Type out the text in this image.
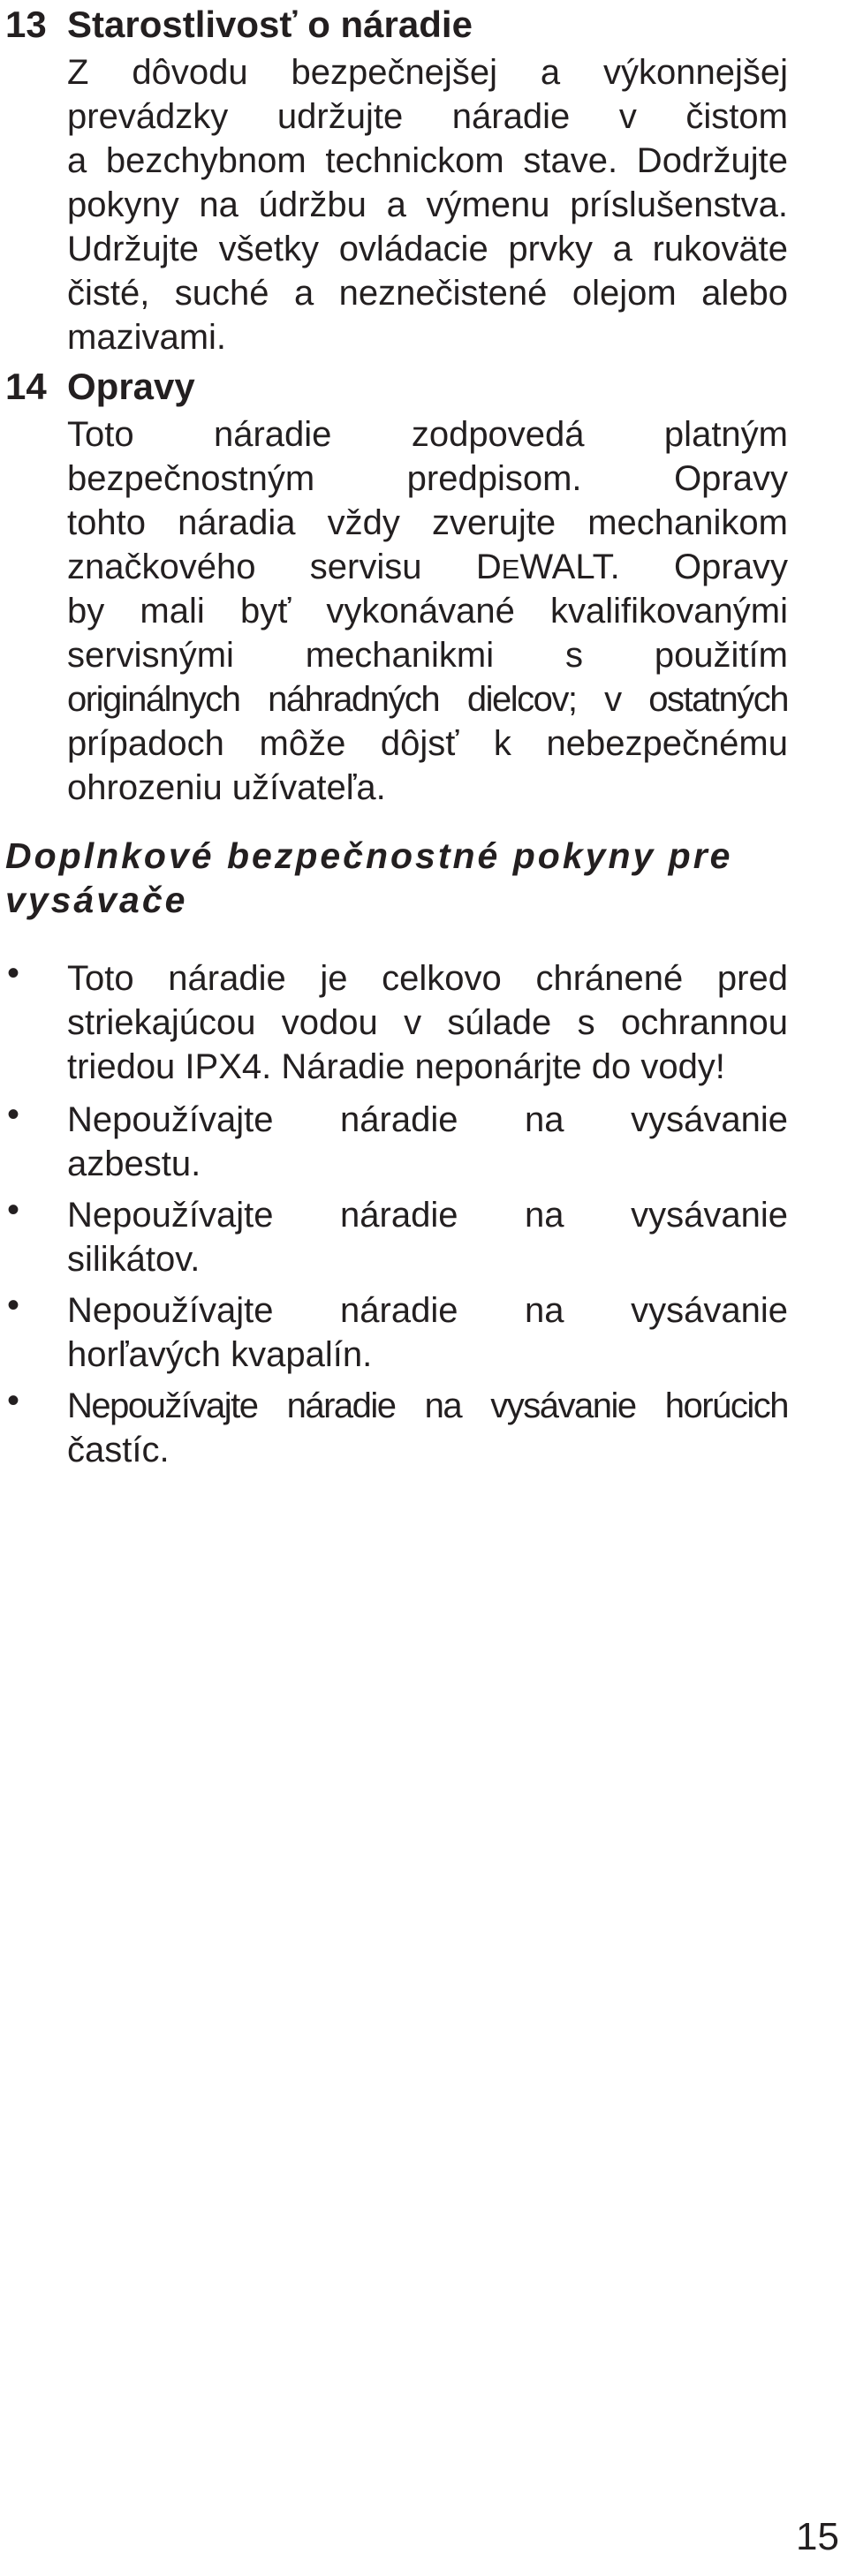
13 Starostlivosť o náradie
Z dôvodu bezpečnejšej a výkonnejšej
prevádzky udržujte náradie v čistom
a bezchybnom technickom stave. Dodržujte
pokyny na údržbu a výmenu príslušenstva.
Udržujte všetky ovládacie prvky a rukoväte
čisté, suché a neznečistené olejom alebo
mazivami.
14 Opravy
Toto náradie zodpovedá platným
bezpečnostným predpisom. Opravy
tohto náradia vždy zverujte mechanikom
značkového servisu DEWALT. Opravy
by mali byť vykonávané kvalifikovanými
servisnými mechanikmi s použitím
originálnych náhradných dielcov; v ostatných
prípadoch môže dôjsť k nebezpečnému
ohrozeniu užívateľa.
Doplnkové bezpečnostné pokyny pre
vysávače
• Toto náradie je celkovo chránené pred
striekajúcou vodou v súlade s ochrannou
triedou IPX4. Náradie neponárjte do vody!
• Nepoužívajte náradie na vysávanie
azbestu.
• Nepoužívajte náradie na vysávanie
silikátov.
• Nepoužívajte náradie na vysávanie
horľavých kvapalín.
• Nepoužívajte náradie na vysávanie horúcich
častíc.
15
